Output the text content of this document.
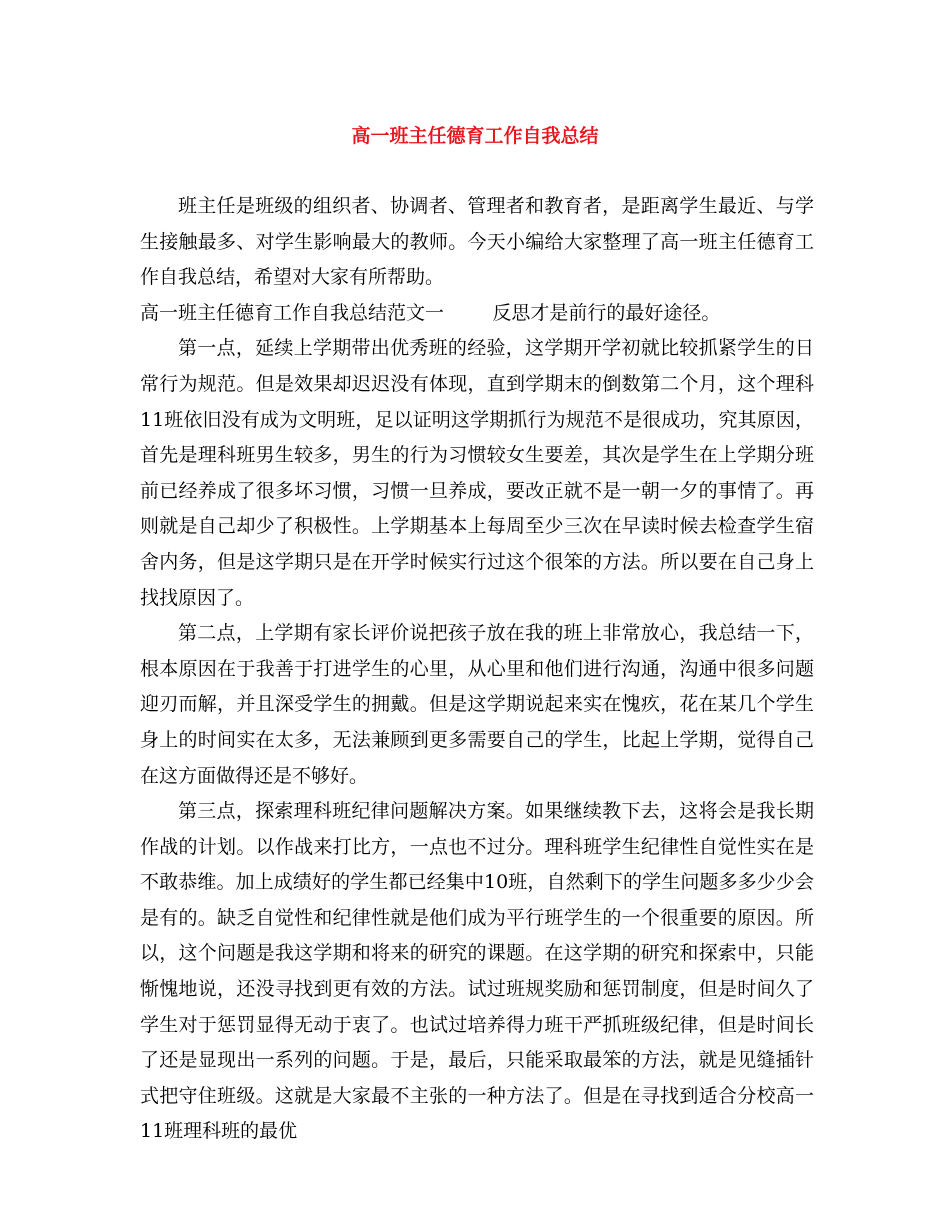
高一班主任德育工作自我总结

班主任是班级的组织者、协调者、管理者和教育者，是距离学生最近、与学生接触最多、对学生影响最大的教师。今天小编给大家整理了高一班主任德育工作自我总结，希望对大家有所帮助。

高一班主任德育工作自我总结范文一        反思才是前行的最好途径。

第一点，延续上学期带出优秀班的经验，这学期开学初就比较抓紧学生的日常行为规范。但是效果却迟迟没有体现，直到学期末的倒数第二个月，这个理科11班依旧没有成为文明班，足以证明这学期抓行为规范不是很成功，究其原因，首先是理科班男生较多，男生的行为习惯较女生要差，其次是学生在上学期分班前已经养成了很多坏习惯，习惯一旦养成，要改正就不是一朝一夕的事情了。再则就是自己却少了积极性。上学期基本上每周至少三次在早读时候去检查学生宿舍内务，但是这学期只是在开学时候实行过这个很笨的方法。所以要在自己身上找找原因了。

第二点，上学期有家长评价说把孩子放在我的班上非常放心，我总结一下，根本原因在于我善于打进学生的心里，从心里和他们进行沟通，沟通中很多问题迎刃而解，并且深受学生的拥戴。但是这学期说起来实在愧疚，花在某几个学生身上的时间实在太多，无法兼顾到更多需要自己的学生，比起上学期，觉得自己在这方面做得还是不够好。

第三点，探索理科班纪律问题解决方案。如果继续教下去，这将会是我长期作战的计划。以作战来打比方，一点也不过分。理科班学生纪律性自觉性实在是不敢恭维。加上成绩好的学生都已经集中10班，自然剩下的学生问题多多少少会是有的。缺乏自觉性和纪律性就是他们成为平行班学生的一个很重要的原因。所以，这个问题是我这学期和将来的研究的课题。在这学期的研究和探索中，只能惭愧地说，还没寻找到更有效的方法。试过班规奖励和惩罚制度，但是时间久了学生对于惩罚显得无动于衷了。也试过培养得力班干严抓班级纪律，但是时间长了还是显现出一系列的问题。于是，最后，只能采取最笨的方法，就是见缝插针式把守住班级。这就是大家最不主张的一种方法了。但是在寻找到适合分校高一11班理科班的最优
